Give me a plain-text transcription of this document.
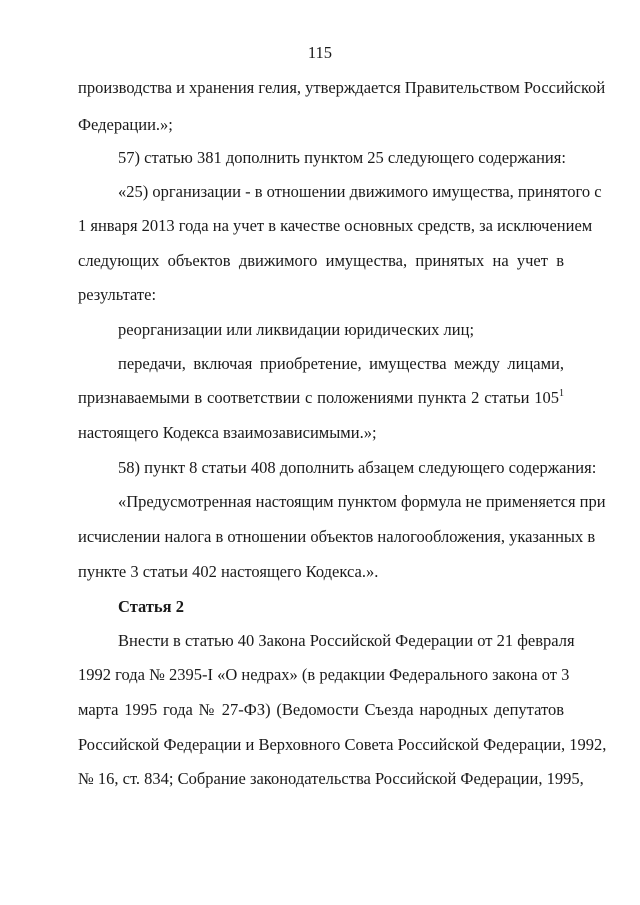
115
производства и хранения гелия, утверждается Правительством Российской
Федерации.»;
57) статью 381 дополнить пунктом 25 следующего содержания:
«25) организации - в отношении движимого имущества, принятого с
1 января 2013 года на учет в качестве основных средств, за исключением
следующих объектов движимого имущества, принятых на учет в
результате:
реорганизации или ликвидации юридических лиц;
передачи, включая приобретение, имущества между лицами,
признаваемыми в соответствии с положениями пункта 2 статьи $105^1$
настоящего Кодекса взаимозависимыми.»;
58) пункт 8 статьи 408 дополнить абзацем следующего содержания:
«Предусмотренная настоящим пунктом формула не применяется при
исчислении налога в отношении объектов налогообложения, указанных в
пункте 3 статьи 402 настоящего Кодекса.».
Статья 2
Внести в статью 40 Закона Российской Федерации от 21 февраля
1992 года № 2395-I «О недрах» (в редакции Федерального закона от 3
марта 1995 года № 27-ФЗ) (Ведомости Съезда народных депутатов
Российской Федерации и Верховного Совета Российской Федерации, 1992,
№ 16, ст. 834; Собрание законодательства Российской Федерации, 1995,
